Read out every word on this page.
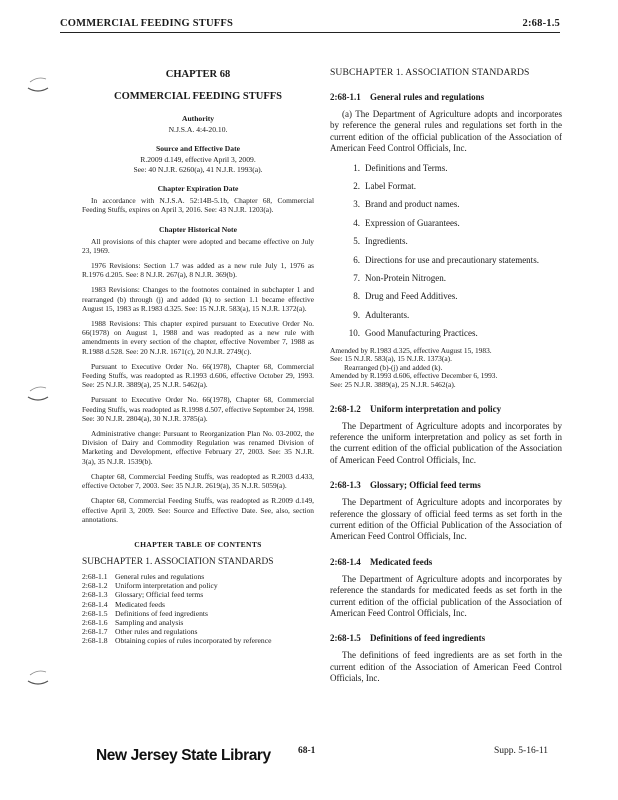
COMMERCIAL FEEDING STUFFS	2:68-1.5
CHAPTER 68
COMMERCIAL FEEDING STUFFS
Authority
N.J.S.A. 4:4-20.10.
Source and Effective Date
R.2009 d.149, effective April 3, 2009.
See: 40 N.J.R. 6260(a), 41 N.J.R. 1993(a).
Chapter Expiration Date

In accordance with N.J.S.A. 52:14B-5.1b, Chapter 68, Commercial Feeding Stuffs, expires on April 3, 2016. See: 43 N.J.R. 1203(a).

Chapter Historical Note

All provisions of this chapter were adopted and became effective on July 23, 1969.

1976 Revisions: Section 1.7 was added as a new rule July 1, 1976 as R.1976 d.205. See: 8 N.J.R. 267(a), 8 N.J.R. 369(b).

1983 Revisions: Changes to the footnotes contained in subchapter 1 and rearranged (b) through (j) and added (k) to section 1.1 became effective August 15, 1983 as R.1983 d.325. See: 15 N.J.R. 583(a), 15 N.J.R. 1372(a).

1988 Revisions: This chapter expired pursuant to Executive Order No. 66(1978) on August 1, 1988 and was readopted as a new rule with amendments in every section of the chapter, effective November 7, 1988 as R.1988 d.528. See: 20 N.J.R. 1671(c), 20 N.J.R. 2749(c).

Pursuant to Executive Order No. 66(1978), Chapter 68, Commercial Feeding Stuffs, was readopted as R.1993 d.606, effective October 29, 1993. See: 25 N.J.R. 3889(a), 25 N.J.R. 5462(a).

Pursuant to Executive Order No. 66(1978), Chapter 68, Commercial Feeding Stuffs, was readopted as R.1998 d.507, effective September 24, 1998. See: 30 N.J.R. 2804(a), 30 N.J.R. 3785(a).

Administrative change: Pursuant to Reorganization Plan No. 03-2002, the Division of Dairy and Commodity Regulation was renamed Division of Marketing and Development, effective February 27, 2003. See: 35 N.J.R. 3(a), 35 N.J.R. 1539(b).

Chapter 68, Commercial Feeding Stuffs, was readopted as R.2003 d.433, effective October 7, 2003. See: 35 N.J.R. 2619(a), 35 N.J.R. 5059(a).

Chapter 68, Commercial Feeding Stuffs, was readopted as R.2009 d.149, effective April 3, 2009. See: Source and Effective Date. See, also, section annotations.

CHAPTER TABLE OF CONTENTS
SUBCHAPTER 1. ASSOCIATION STANDARDS
2:68-1.1 General rules and regulations
2:68-1.2 Uniform interpretation and policy
2:68-1.3 Glossary; Official feed terms
2:68-1.4 Medicated feeds
2:68-1.5 Definitions of feed ingredients
2:68-1.6 Sampling and analysis
2:68-1.7 Other rules and regulations
2:68-1.8 Obtaining copies of rules incorporated by reference
SUBCHAPTER 1. ASSOCIATION STANDARDS
2:68-1.1	General rules and regulations

(a) The Department of Agriculture adopts and incorporates by reference the general rules and regulations set forth in the current edition of the official publication of the Association of American Feed Control Officials, Inc.

1. Definitions and Terms.
2. Label Format.
3. Brand and product names.
4. Expression of Guarantees.
5. Ingredients.
6. Directions for use and precautionary statements.
7. Non-Protein Nitrogen.
8. Drug and Feed Additives.
9. Adulterants.
10. Good Manufacturing Practices.
Amended by R.1983 d.325, effective August 15, 1983.
See: 15 N.J.R. 583(a), 15 N.J.R. 1373(a).
Rearranged (b)-(j) and added (k).
Amended by R.1993 d.606, effective December 6, 1993.
See: 25 N.J.R. 3889(a), 25 N.J.R. 5462(a).
2:68-1.2	Uniform interpretation and policy

The Department of Agriculture adopts and incorporates by reference the uniform interpretation and policy as set forth in the current edition of the official publication of the Association of American Feed Control Officials, Inc.

2:68-1.3	Glossary; Official feed terms

The Department of Agriculture adopts and incorporates by reference the glossary of official feed terms as set forth in the current edition of the Official Publication of the Association of American Feed Control Officials, Inc.

2:68-1.4	Medicated feeds

The Department of Agriculture adopts and incorporates by reference the standards for medicated feeds as set forth in the current edition of the official publication of the Association of American Feed Control Officials, Inc.

2:68-1.5	Definitions of feed ingredients

The definitions of feed ingredients are as set forth in the current edition of the Association of American Feed Control Officials, Inc.

New Jersey State Library	68-1	Supp. 5-16-11
